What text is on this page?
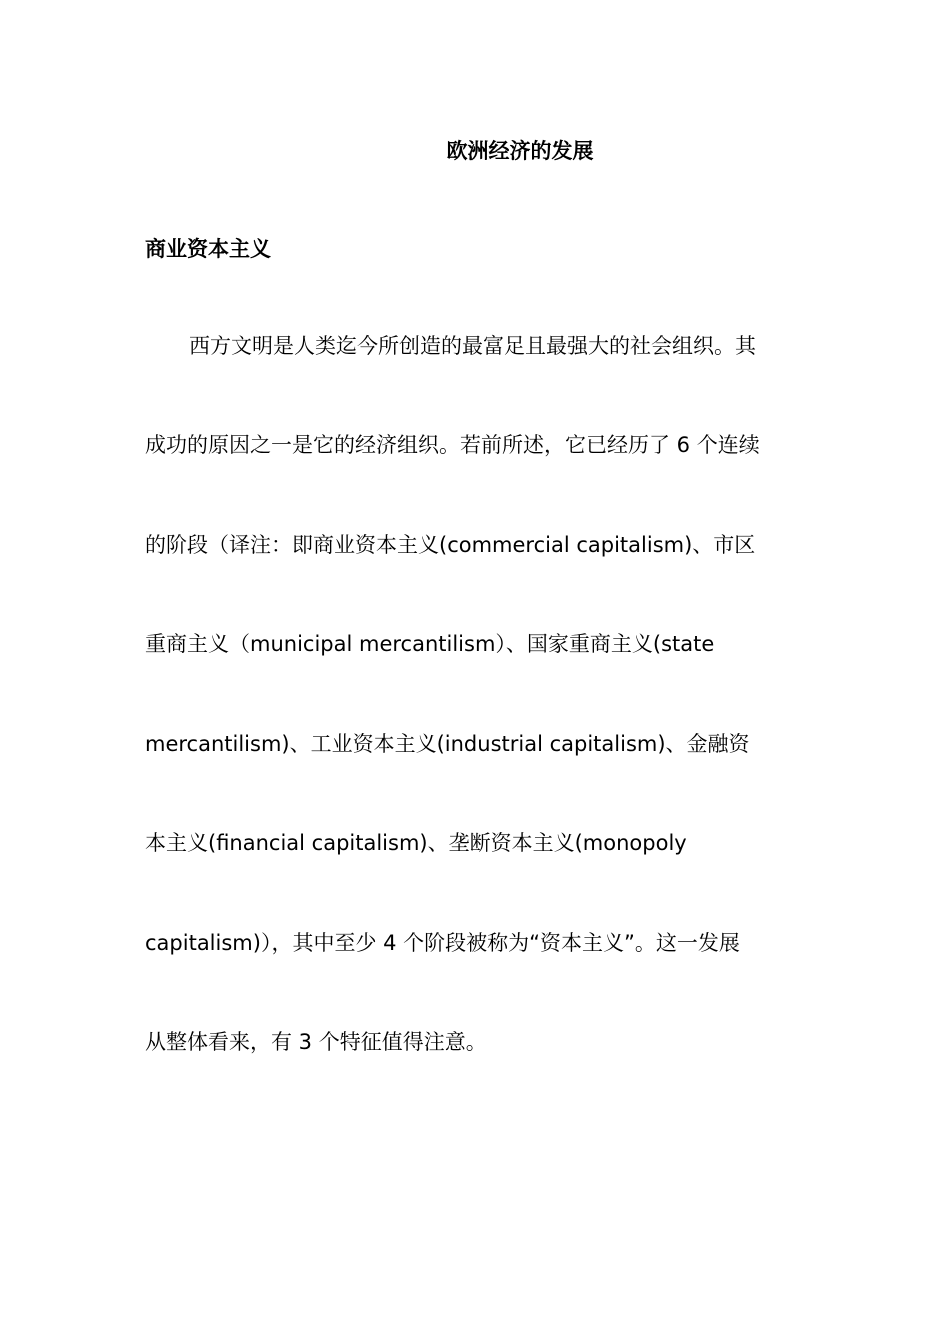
欧洲经济的发展
商业资本主义
西方文明是人类迄今所创造的最富足且最强大的社会组织。其
成功的原因之一是它的经济组织。若前所述，它已经历了 6 个连续
的阶段（译注：即商业资本主义(commercial capitalism)、市区
重商主义（municipal mercantilism）、国家重商主义(state
mercantilism)、工业资本主义(industrial capitalism)、金融资
本主义(financial capitalism)、垄断资本主义(monopoly
capitalism)），其中至少 4 个阶段被称为“资本主义”。这一发展
从整体看来，有 3 个特征值得注意。
